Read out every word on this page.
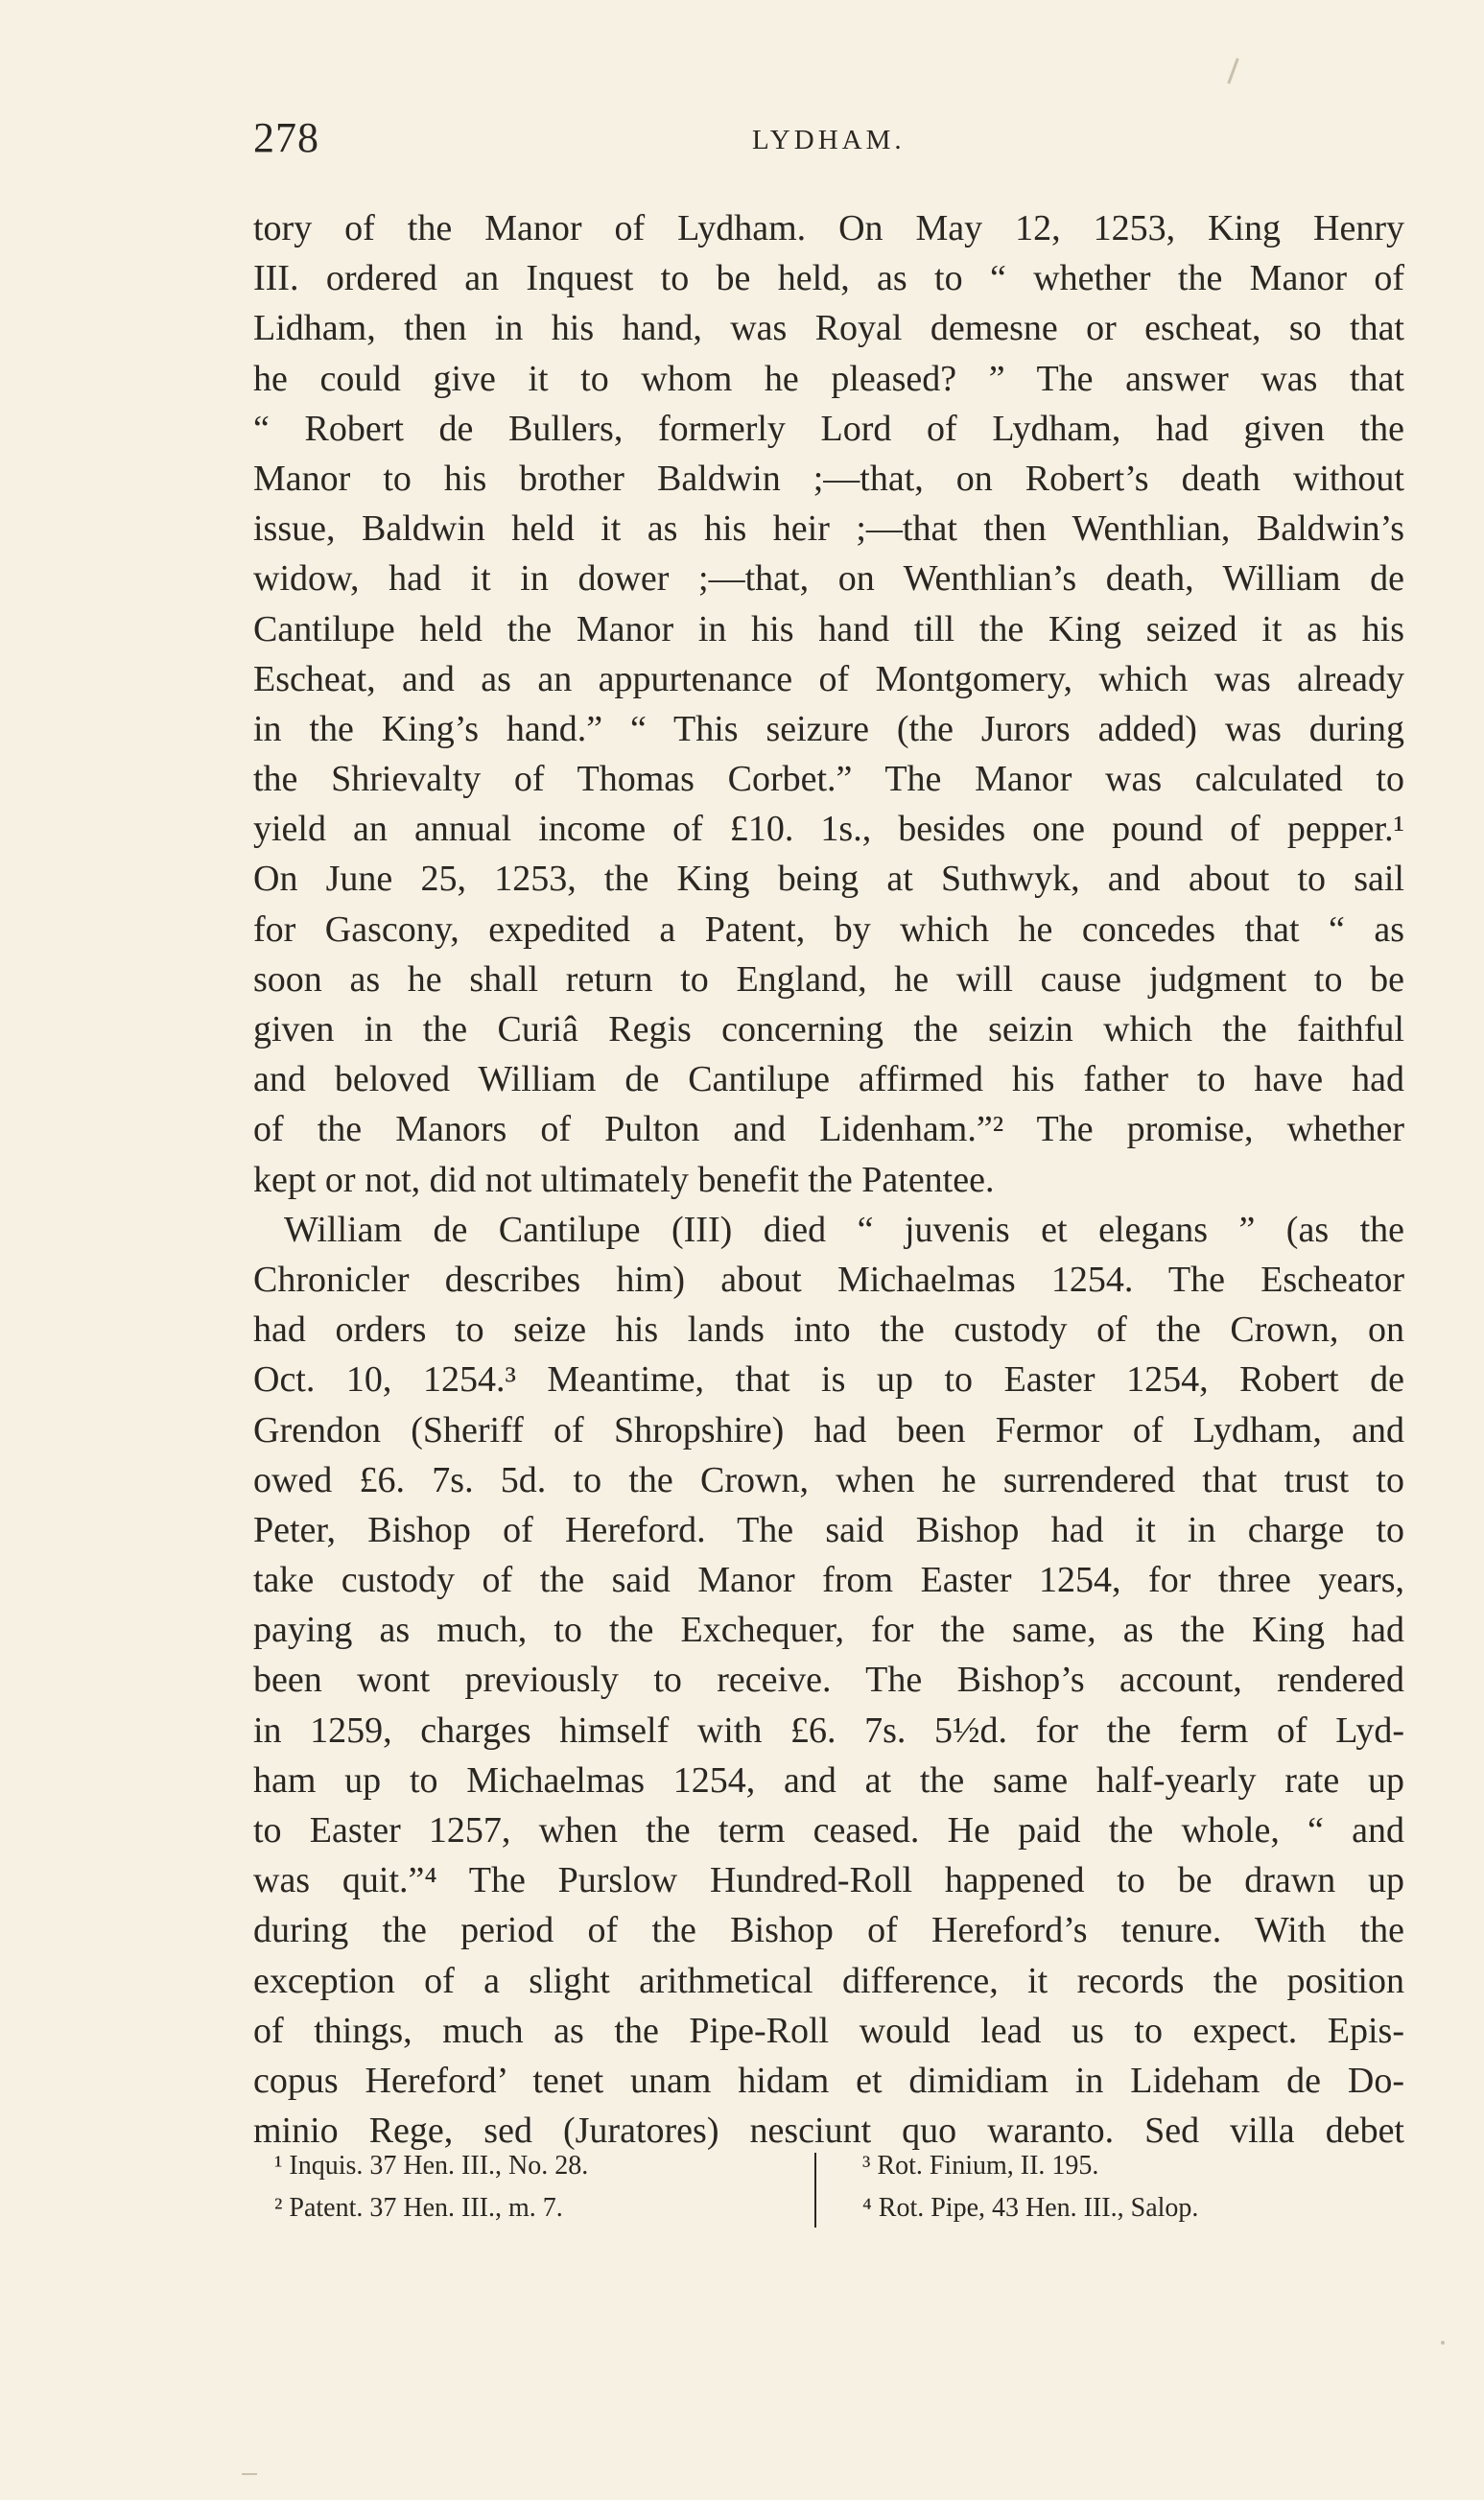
278	LYDHAM.
tory of the Manor of Lydham. On May 12, 1253, King Henry
III. ordered an Inquest to be held, as to “ whether the Manor of
Lidham, then in his hand, was Royal demesne or escheat, so that
he could give it to whom he pleased? ” The answer was that
“ Robert de Bullers, formerly Lord of Lydham, had given the
Manor to his brother Baldwin ;—that, on Robert’s death without
issue, Baldwin held it as his heir ;—that then Wenthlian, Baldwin’s
widow, had it in dower ;—that, on Wenthlian’s death, William de
Cantilupe held the Manor in his hand till the King seized it as his
Escheat, and as an appurtenance of Montgomery, which was already
in the King’s hand.” “ This seizure (the Jurors added) was during
the Shrievalty of Thomas Corbet.” The Manor was calculated to
yield an annual income of £10. 1s., besides one pound of pepper.¹
On June 25, 1253, the King being at Suthwyk, and about to sail
for Gascony, expedited a Patent, by which he concedes that “ as
soon as he shall return to England, he will cause judgment to be
given in the Curiâ Regis concerning the seizin which the faithful
and beloved William de Cantilupe affirmed his father to have had
of the Manors of Pulton and Lidenham.”² The promise, whether
kept or not, did not ultimately benefit the Patentee.
William de Cantilupe (III) died “ juvenis et elegans ” (as the
Chronicler describes him) about Michaelmas 1254. The Escheator
had orders to seize his lands into the custody of the Crown, on
Oct. 10, 1254.³ Meantime, that is up to Easter 1254, Robert de
Grendon (Sheriff of Shropshire) had been Fermor of Lydham, and
owed £6. 7s. 5d. to the Crown, when he surrendered that trust to
Peter, Bishop of Hereford. The said Bishop had it in charge to
take custody of the said Manor from Easter 1254, for three years,
paying as much, to the Exchequer, for the same, as the King had
been wont previously to receive. The Bishop’s account, rendered
in 1259, charges himself with £6. 7s. 5½d. for the ferm of Lyd-
ham up to Michaelmas 1254, and at the same half-yearly rate up
to Easter 1257, when the term ceased. He paid the whole, “ and
was quit.”⁴ The Purslow Hundred-Roll happened to be drawn up
during the period of the Bishop of Hereford’s tenure. With the
exception of a slight arithmetical difference, it records the position
of things, much as the Pipe-Roll would lead us to expect. Epis-
copus Hereford’ tenet unam hidam et dimidiam in Lideham de Do-
minio Rege, sed (Juratores) nesciunt quo waranto. Sed villa debet
¹ Inquis. 37 Hen. III., No. 28.
² Patent. 37 Hen. III., m. 7.
³ Rot. Finium, II. 195.
⁴ Rot. Pipe, 43 Hen. III., Salop.
